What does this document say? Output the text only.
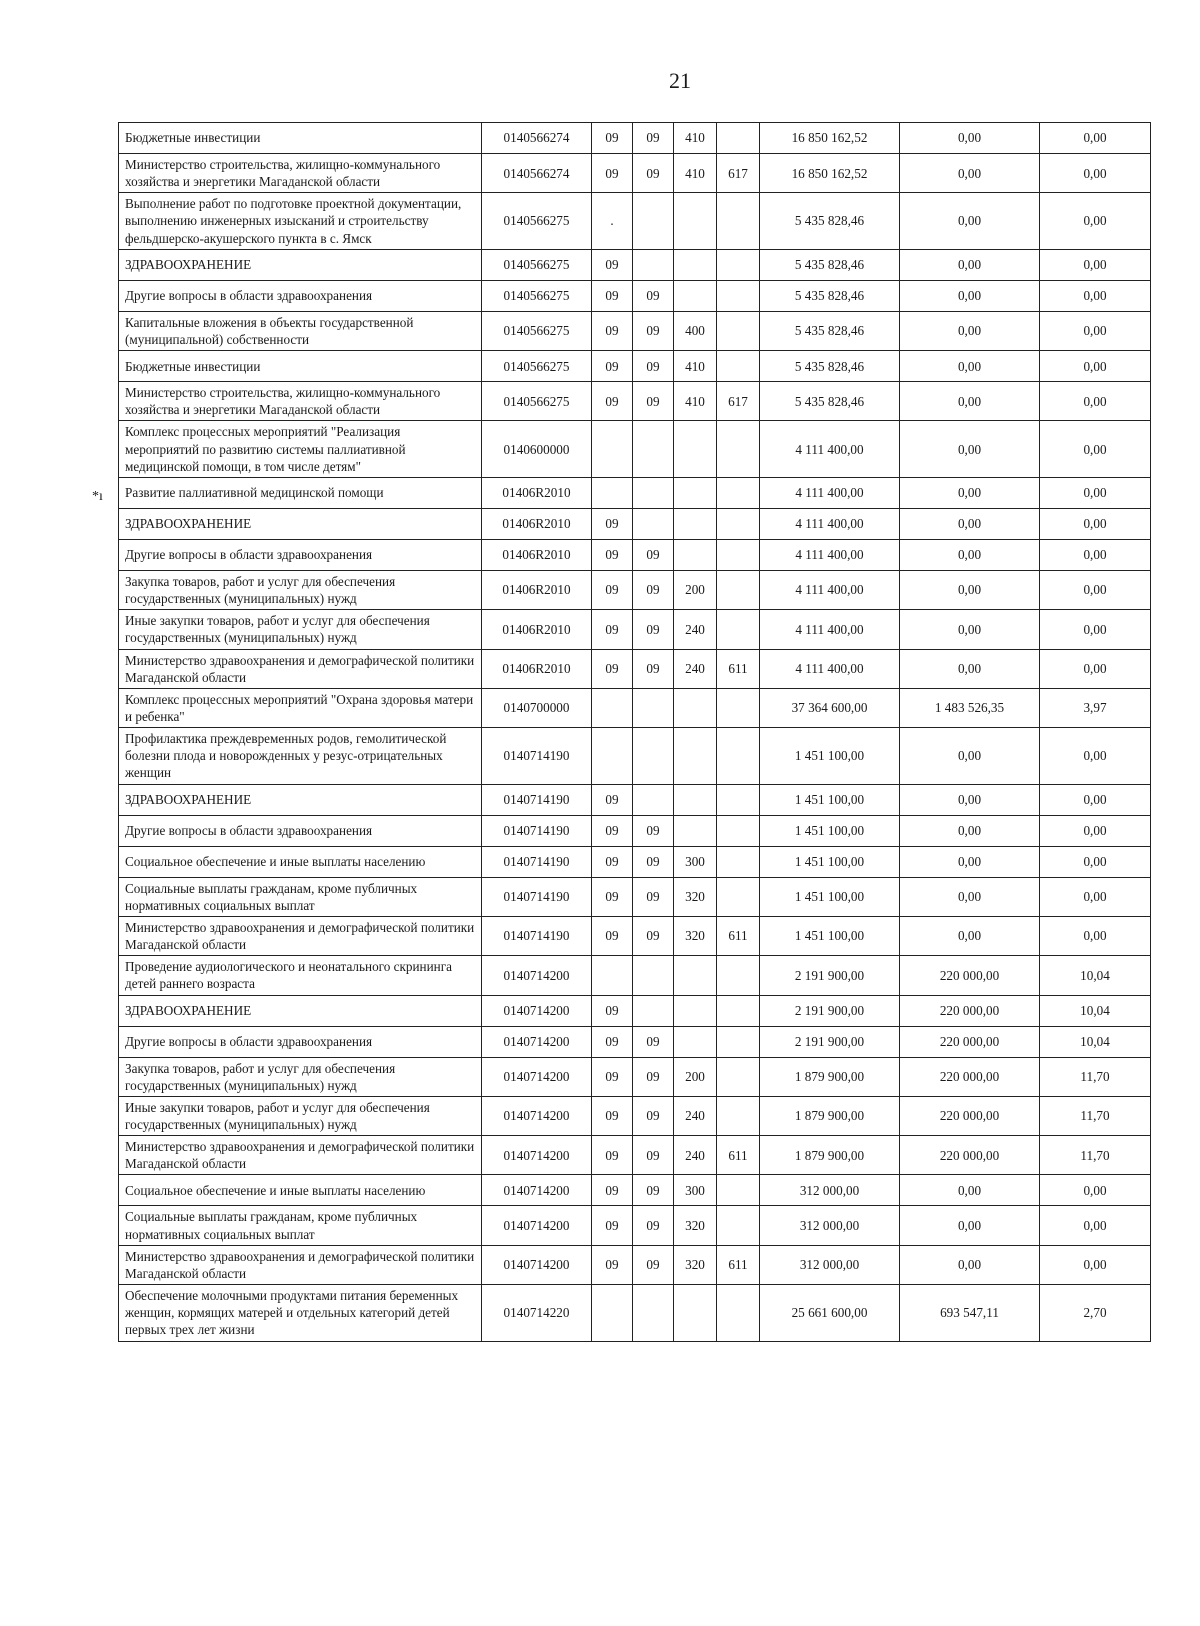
21
*ı
Бюджетные инвестиции	0140566274	09	09	410		16 850 162,52	0,00	0,00
Министерство строительства, жилищно-коммунального хозяйства и энергетики Магаданской области	0140566274	09	09	410	617	16 850 162,52	0,00	0,00
Выполнение работ по подготовке проектной документации, выполнению инженерных изысканий и строительству фельдшерско-акушерского пункта в с. Ямск	0140566275	.				5 435 828,46	0,00	0,00
ЗДРАВООХРАНЕНИЕ	0140566275	09				5 435 828,46	0,00	0,00
Другие вопросы в области здравоохранения	0140566275	09	09			5 435 828,46	0,00	0,00
Капитальные вложения в объекты государственной (муниципальной) собственности	0140566275	09	09	400		5 435 828,46	0,00	0,00
Бюджетные инвестиции	0140566275	09	09	410		5 435 828,46	0,00	0,00
Министерство строительства, жилищно-коммунального хозяйства и энергетики Магаданской области	0140566275	09	09	410	617	5 435 828,46	0,00	0,00
Комплекс процессных мероприятий "Реализация мероприятий по развитию системы паллиативной медицинской помощи, в том числе детям"	0140600000					4 111 400,00	0,00	0,00
Развитие паллиативной медицинской помощи	01406R2010					4 111 400,00	0,00	0,00
ЗДРАВООХРАНЕНИЕ	01406R2010	09				4 111 400,00	0,00	0,00
Другие вопросы в области здравоохранения	01406R2010	09	09			4 111 400,00	0,00	0,00
Закупка товаров, работ и услуг для обеспечения государственных (муниципальных) нужд	01406R2010	09	09	200		4 111 400,00	0,00	0,00
Иные закупки товаров, работ и услуг для обеспечения государственных (муниципальных) нужд	01406R2010	09	09	240		4 111 400,00	0,00	0,00
Министерство здравоохранения и демографической политики Магаданской области	01406R2010	09	09	240	611	4 111 400,00	0,00	0,00
Комплекс процессных мероприятий "Охрана здоровья матери и ребенка"	0140700000					37 364 600,00	1 483 526,35	3,97
Профилактика преждевременных родов, гемолитической болезни плода и новорожденных у резус-отрицательных женщин	0140714190					1 451 100,00	0,00	0,00
ЗДРАВООХРАНЕНИЕ	0140714190	09				1 451 100,00	0,00	0,00
Другие вопросы в области здравоохранения	0140714190	09	09			1 451 100,00	0,00	0,00
Социальное обеспечение и иные выплаты населению	0140714190	09	09	300		1 451 100,00	0,00	0,00
Социальные выплаты гражданам, кроме публичных нормативных социальных выплат	0140714190	09	09	320		1 451 100,00	0,00	0,00
Министерство здравоохранения и демографической политики Магаданской области	0140714190	09	09	320	611	1 451 100,00	0,00	0,00
Проведение аудиологического и неонатального скрининга детей раннего возраста	0140714200					2 191 900,00	220 000,00	10,04
ЗДРАВООХРАНЕНИЕ	0140714200	09				2 191 900,00	220 000,00	10,04
Другие вопросы в области здравоохранения	0140714200	09	09			2 191 900,00	220 000,00	10,04
Закупка товаров, работ и услуг для обеспечения государственных (муниципальных) нужд	0140714200	09	09	200		1 879 900,00	220 000,00	11,70
Иные закупки товаров, работ и услуг для обеспечения государственных (муниципальных) нужд	0140714200	09	09	240		1 879 900,00	220 000,00	11,70
Министерство здравоохранения и демографической политики Магаданской области	0140714200	09	09	240	611	1 879 900,00	220 000,00	11,70
Социальное обеспечение и иные выплаты населению	0140714200	09	09	300		312 000,00	0,00	0,00
Социальные выплаты гражданам, кроме публичных нормативных социальных выплат	0140714200	09	09	320		312 000,00	0,00	0,00
Министерство здравоохранения и демографической политики Магаданской области	0140714200	09	09	320	611	312 000,00	0,00	0,00
Обеспечение молочными продуктами питания беременных женщин, кормящих матерей и отдельных категорий детей первых трех лет жизни	0140714220					25 661 600,00	693 547,11	2,70
